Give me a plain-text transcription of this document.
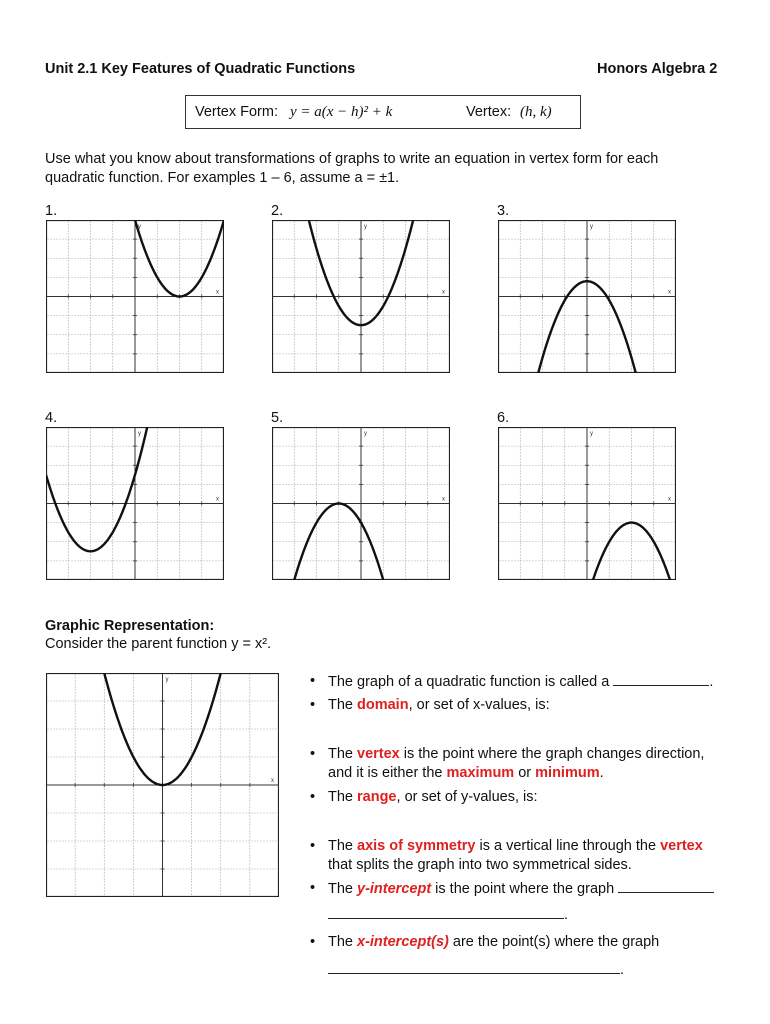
Unit 2.1 Key Features of Quadratic Functions	Honors Algebra 2
Vertex Form: y = a(x − h)² + k	Vertex: (h, k)
Use what you know about transformations of graphs to write an equation in vertex form for each
quadratic function. For examples 1 – 6, assume a = ±1.
1.	2.	3.
4.	5.	6.
x
y
x
y
x
y
x
y
x
y
x
y
Graphic Representation:
Consider the parent function y = x².
x
y	• The graph of a quadratic function is called a	.
• The domain, or set of x-values, is:
• The vertex is the point where the graph changes direction,
and it is either the maximum or minimum.
• The range, or set of y-values, is:
• The axis of symmetry is a vertical line through the vertex
that splits the graph into two symmetrical sides.
• The y-intercept is the point where the graph
.
• The x-intercept(s) are the point(s) where the graph
.
